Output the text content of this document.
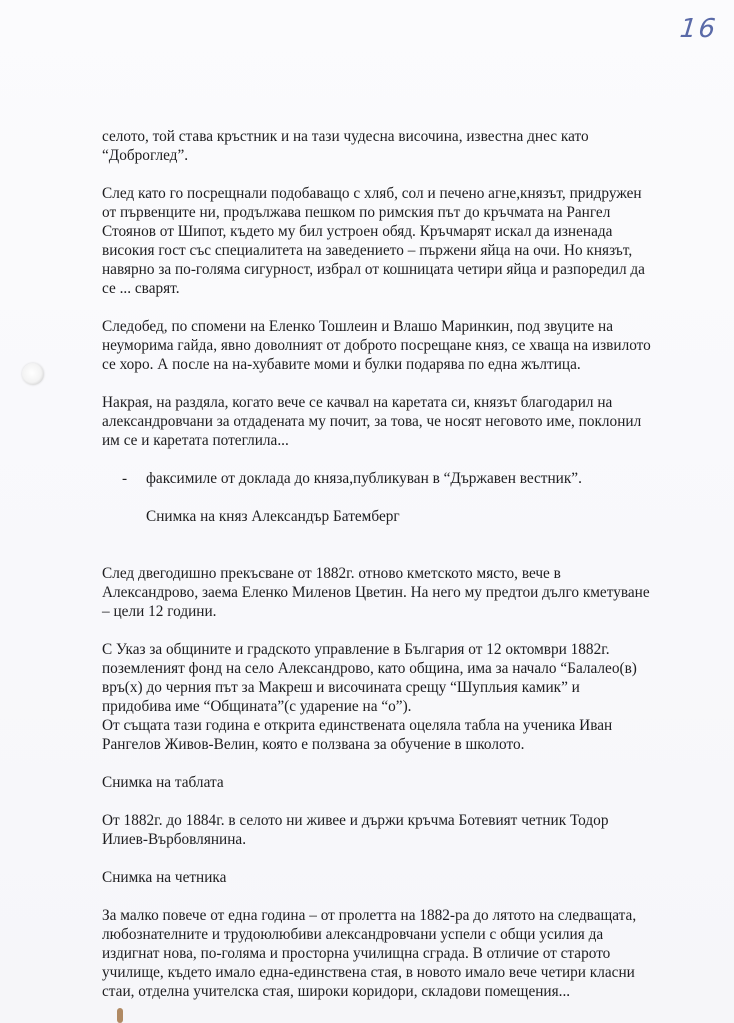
16

селото, той става кръстник и на тази чудесна височина, известна днес като
“Доброглед”.

След като го посрещнали подобаващо с хляб, сол и печено агне,князът, придружен
от първенците ни, продължава пешком по римския път до кръчмата на Рангел
Стоянов от Шипот, където му бил устроен обяд. Кръчмарят искал да изненада
високия гост със специалитета на заведението – пържени яйца на очи. Но князът,
навярно за по-голяма сигурност, избрал от кошницата четири яйца и разпоредил да
се ... сварят.

Следобед, по спомени на Еленко Тошлеин и Влашо Маринкин, под звуците на
неуморима гайда, явно доволният от доброто посрещане княз, се хваща на извилото
се хоро. А после на на-хубавите моми и булки подарява по една жълтица.

Накрая, на раздяла, когато вече се качвал на каретата си, князът благодарил на
александровчани за отдадената му почит, за това, че носят неговото име, поклонил
им се и каретата потеглила...

- факсимиле от доклада до княза,публикуван в “Държавен вестник”.

Снимка на княз Александър Батемберг

След двегодишно прекъсване от 1882г. отново кметското място, вече в
Александрово, заема Еленко Миленов Цветин. На него му предтои дълго кметуване
– цели 12 години.

С Указ за общините и градското управление в България от 12 октомври 1882г.
поземленият фонд на село Александрово, като община, има за начало “Балалео(в)
връ(х) до черния път за Макреш и височината срещу “Шупльия камик” и
придобива име “Общината”(с ударение на “о”).
От същата тази година е открита единствената оцеляла табла на ученика Иван
Рангелов Живов-Велин, която е ползвана за обучение в школото.

Снимка на таблата

От 1882г. до 1884г. в селото ни живее и държи кръчма Ботевият четник Тодор
Илиев-Върбовлянина.

Снимка на четника

За малко повече от една година – от пролетта на 1882-ра до лятото на следващата,
любознателните и трудоюлюбиви александровчани успели с общи усилия да
издигнат нова, по-голяма и просторна училищна сграда. В отличие от старото
училище, където имало една-единствена стая, в новото имало вече четири класни
стаи, отделна учителска стая, широки коридори, складови помещения...
